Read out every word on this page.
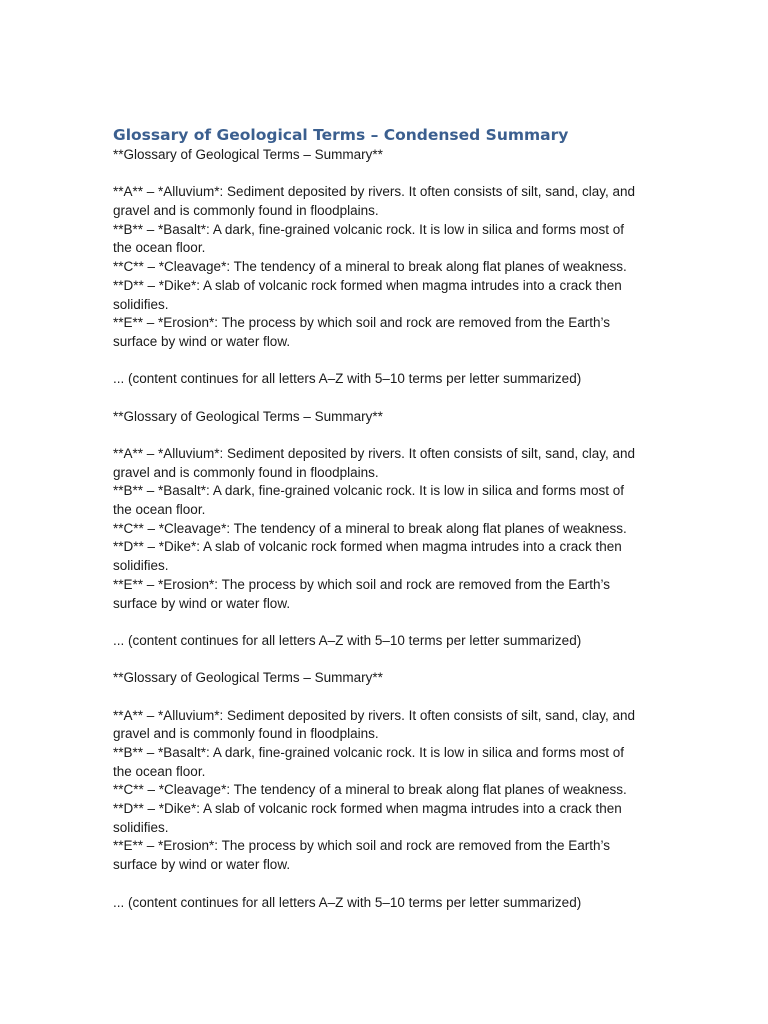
Glossary of Geological Terms – Condensed Summary
**Glossary of Geological Terms – Summary**
**A** – *Alluvium*: Sediment deposited by rivers. It often consists of silt, sand, clay, and
gravel and is commonly found in floodplains.
**B** – *Basalt*: A dark, fine-grained volcanic rock. It is low in silica and forms most of
the ocean floor.
**C** – *Cleavage*: The tendency of a mineral to break along flat planes of weakness.
**D** – *Dike*: A slab of volcanic rock formed when magma intrudes into a crack then
solidifies.
**E** – *Erosion*: The process by which soil and rock are removed from the Earth’s
surface by wind or water flow.
... (content continues for all letters A–Z with 5–10 terms per letter summarized)
**Glossary of Geological Terms – Summary**
**A** – *Alluvium*: Sediment deposited by rivers. It often consists of silt, sand, clay, and
gravel and is commonly found in floodplains.
**B** – *Basalt*: A dark, fine-grained volcanic rock. It is low in silica and forms most of
the ocean floor.
**C** – *Cleavage*: The tendency of a mineral to break along flat planes of weakness.
**D** – *Dike*: A slab of volcanic rock formed when magma intrudes into a crack then
solidifies.
**E** – *Erosion*: The process by which soil and rock are removed from the Earth’s
surface by wind or water flow.
... (content continues for all letters A–Z with 5–10 terms per letter summarized)
**Glossary of Geological Terms – Summary**
**A** – *Alluvium*: Sediment deposited by rivers. It often consists of silt, sand, clay, and
gravel and is commonly found in floodplains.
**B** – *Basalt*: A dark, fine-grained volcanic rock. It is low in silica and forms most of
the ocean floor.
**C** – *Cleavage*: The tendency of a mineral to break along flat planes of weakness.
**D** – *Dike*: A slab of volcanic rock formed when magma intrudes into a crack then
solidifies.
**E** – *Erosion*: The process by which soil and rock are removed from the Earth’s
surface by wind or water flow.
... (content continues for all letters A–Z with 5–10 terms per letter summarized)
